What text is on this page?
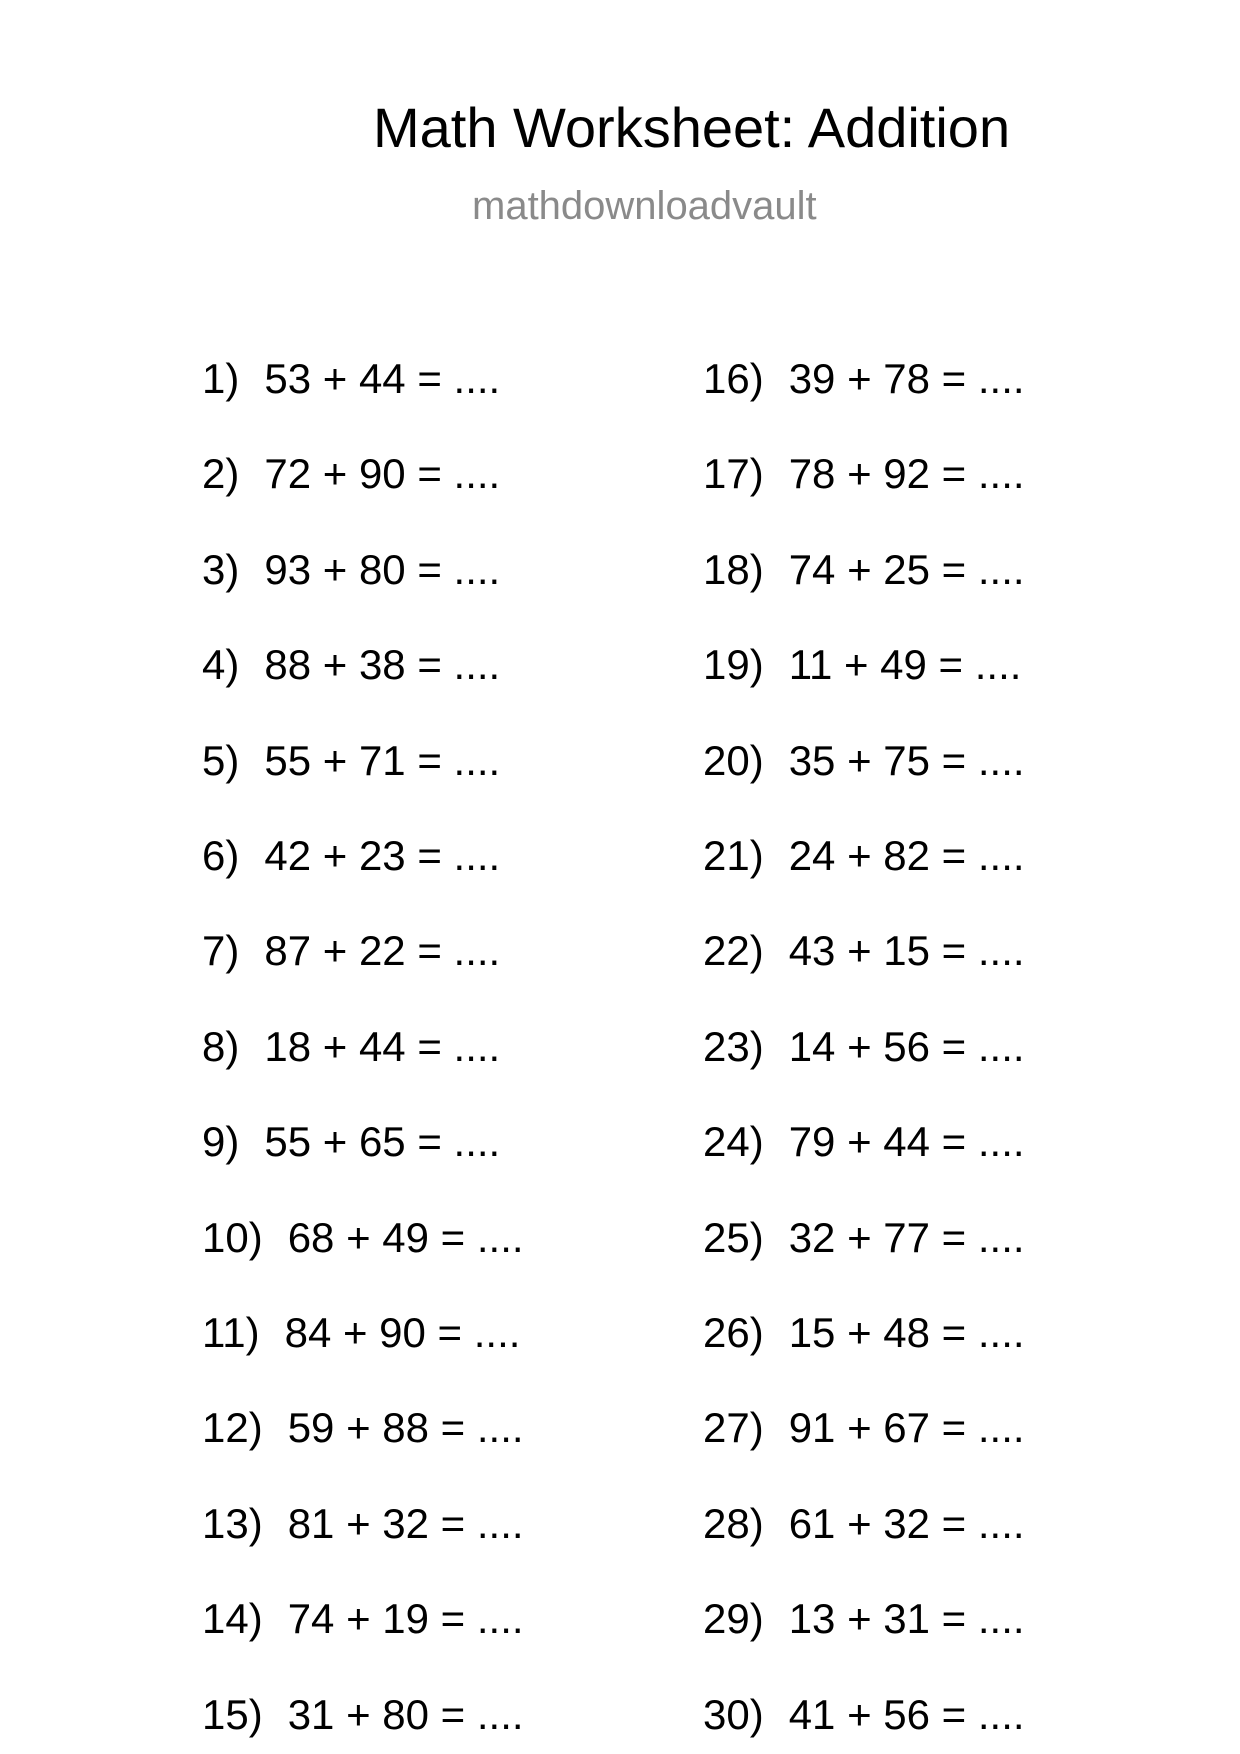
Math Worksheet: Addition
mathdownloadvault
1) 53 + 44 = ....
2) 72 + 90 = ....
3) 93 + 80 = ....
4) 88 + 38 = ....
5) 55 + 71 = ....
6) 42 + 23 = ....
7) 87 + 22 = ....
8) 18 + 44 = ....
9) 55 + 65 = ....
10) 68 + 49 = ....
11) 84 + 90 = ....
12) 59 + 88 = ....
13) 81 + 32 = ....
14) 74 + 19 = ....
15) 31 + 80 = ....
16) 39 + 78 = ....
17) 78 + 92 = ....
18) 74 + 25 = ....
19) 11 + 49 = ....
20) 35 + 75 = ....
21) 24 + 82 = ....
22) 43 + 15 = ....
23) 14 + 56 = ....
24) 79 + 44 = ....
25) 32 + 77 = ....
26) 15 + 48 = ....
27) 91 + 67 = ....
28) 61 + 32 = ....
29) 13 + 31 = ....
30) 41 + 56 = ....
